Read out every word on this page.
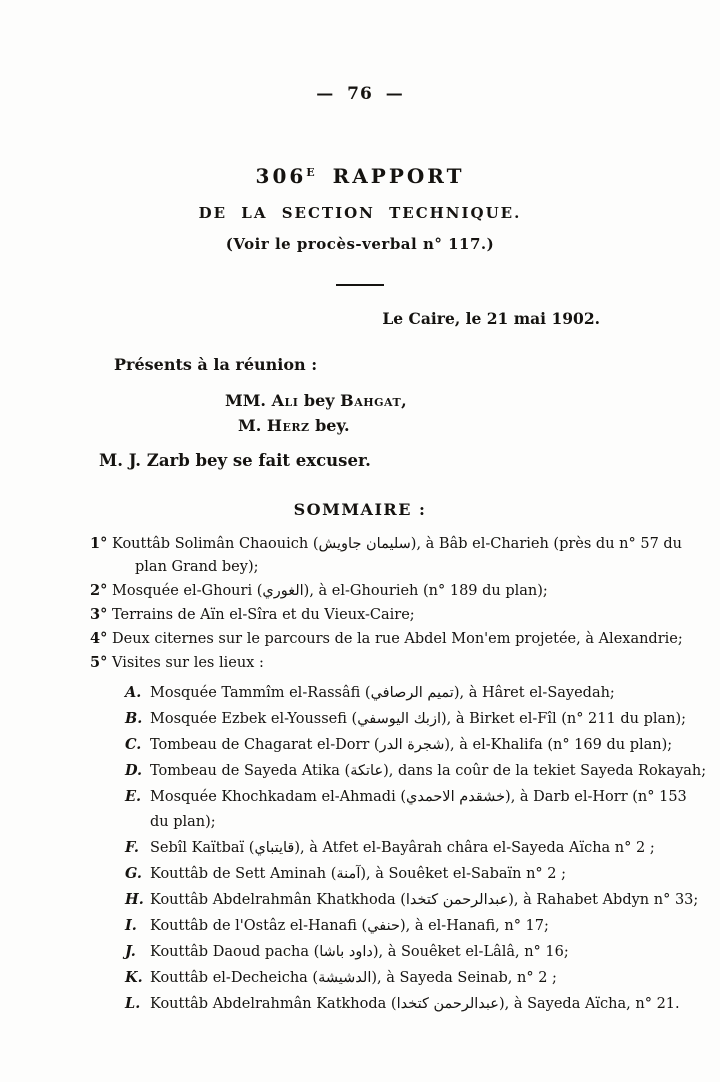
— 76 —
$306^E$ RAPPORT
DE LA SECTION TECHNIQUE.
(Voir le procès-verbal n° 117.)
Le Caire, le 21 mai 1902.
Présents à la réunion :
MM. Ali bey Bahgat,
M. Herz bey.
M. J. Zarb bey se fait excuser.
SOMMAIRE :
1° Kouttâb Solimân Chaouich (سليمان جاويش), à Bâb el-Charieh (près du n° 57 du
plan Grand bey);
2° Mosquée el-Ghouri (الغوري), à el-Ghourieh (n° 189 du plan);
3° Terrains de Aïn el-Sîra et du Vieux-Caire;
4° Deux citernes sur le parcours de la rue Abdel Mon'em projetée, à Alexandrie;
5° Visites sur les lieux :
A. Mosquée Tammîm el-Rassâfi (تميم الرصافي), à Hâret el-Sayedah;
B. Mosquée Ezbek el-Youssefi (ازبك اليوسفي), à Birket el-Fîl (n° 211 du plan);
C. Tombeau de Chagarat el-Dorr (شجرة الدر), à el-Khalifa (n° 169 du plan);
D. Tombeau de Sayeda Atika (عاتكة), dans la coûr de la tekiet Sayeda Rokayah;
E. Mosquée Khochkadam el-Ahmadi (خشقدم الاحمدي), à Darb el-Horr (n° 153
du plan);
F. Sebîl Kaïtbaï (قايتباي), à Atfet el-Bayârah châra el-Sayeda Aïcha n° 2 ;
G. Kouttâb de Sett Aminah (آمنة), à Souêket el-Sabaïn n° 2 ;
H. Kouttâb Abdelrahmân Khatkhoda (عبدالرحمن كتخدا), à Rahabet Abdyn n° 33;
I. Kouttâb de l'Ostâz el-Hanafi (حنفي), à el-Hanafi, n° 17;
J. Kouttâb Daoud pacha (داود باشا), à Souêket el-Lâlâ, n° 16;
K. Kouttâb el-Decheicha (الدشيشة), à Sayeda Seinab, n° 2 ;
L. Kouttâb Abdelrahmân Katkhoda (عبدالرحمن كتخدا), à Sayeda Aïcha, n° 21.
